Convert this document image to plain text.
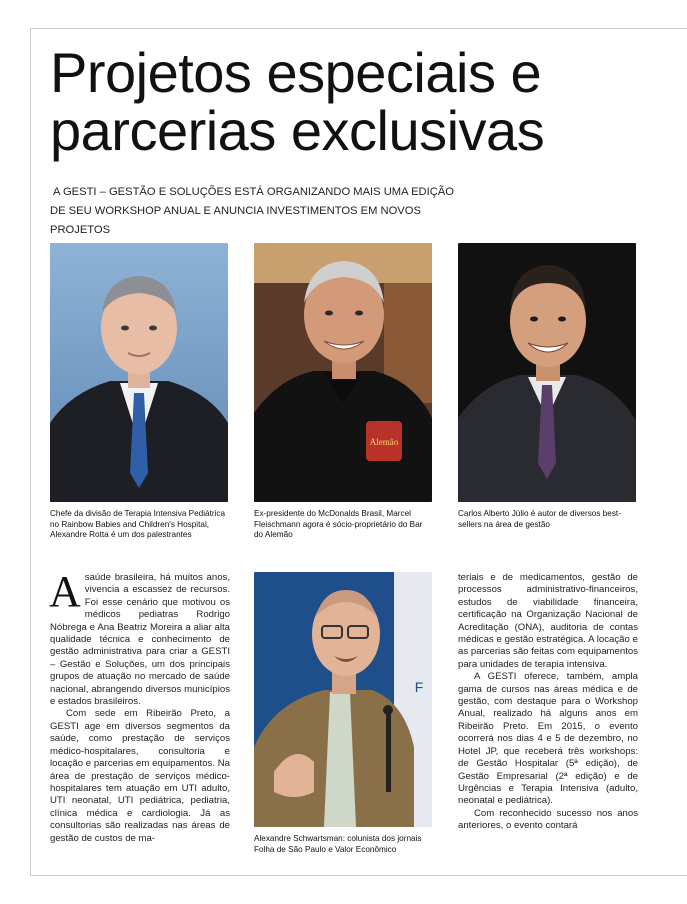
Projetos especiais e parcerias exclusivas
A GESTI – GESTÃO E SOLUÇÕES ESTÁ ORGANIZANDO MAIS UMA EDIÇÃO DE SEU WORKSHOP ANUAL E ANUNCIA INVESTIMENTOS EM NOVOS PROJETOS
Chefe da divisão de Terapia Intensiva Pediátrica no Rainbow Babies and Children's Hospital, Alexandre Rotta é um dos palestrantes
Alemão
Ex-presidente do McDonalds Brasil, Marcel Fleischmann agora é sócio-proprietário do Bar do Alemão
Carlos Alberto Júlio é autor de diversos best-sellers na área de gestão
F
Alexandre Schwartsman: colunista dos jornais Folha de São Paulo e Valor Econômico

Asaúde brasileira, há muitos anos, vivencia a escassez de recursos. Foi esse cenário que motivou os médicos pediatras Rodrigo Nóbrega e Ana Beatriz Moreira a aliar alta qualidade técnica e conhecimento de gestão administrativa para criar a GESTI – Gestão e Soluções, um dos principais grupos de atuação no mercado de saúde nacional, abrangendo diversos municípios e estados brasileiros.

Com sede em Ribeirão Preto, a GESTI age em diversos segmentos da saúde, como prestação de serviços médico-hospitalares, consultoria e locação e parcerias em equipamentos. Na área de prestação de serviços médico-hospitalares tem atuação em UTI adulto, UTI neonatal, UTI pediátrica, pediatria, clínica médica e cardiologia. Já as consultorias são realizadas nas áreas de gestão de custos de ma-

teriais e de medicamentos, gestão de processos administrativo-financeiros, estudos de viabilidade financeira, certificação na Organização Nacional de Acreditação (ONA), auditoria de contas médicas e gestão estratégica. A locação e as parcerias são feitas com equipamentos para unidades de terapia intensiva.

A GESTI oferece, também, ampla gama de cursos nas áreas médica e de gestão, com destaque para o Workshop Anual, realizado há alguns anos em Ribeirão Preto. Em 2015, o evento ocorrerá nos dias 4 e 5 de dezembro, no Hotel JP, que receberá três workshops: de Gestão Hospitalar (5ª edição), de Gestão Empresarial (2ª edição) e de Urgências e Terapia Intensiva (adulto, neonatal e pediátrica).

Com reconhecido sucesso nos anos anteriores, o evento contará
